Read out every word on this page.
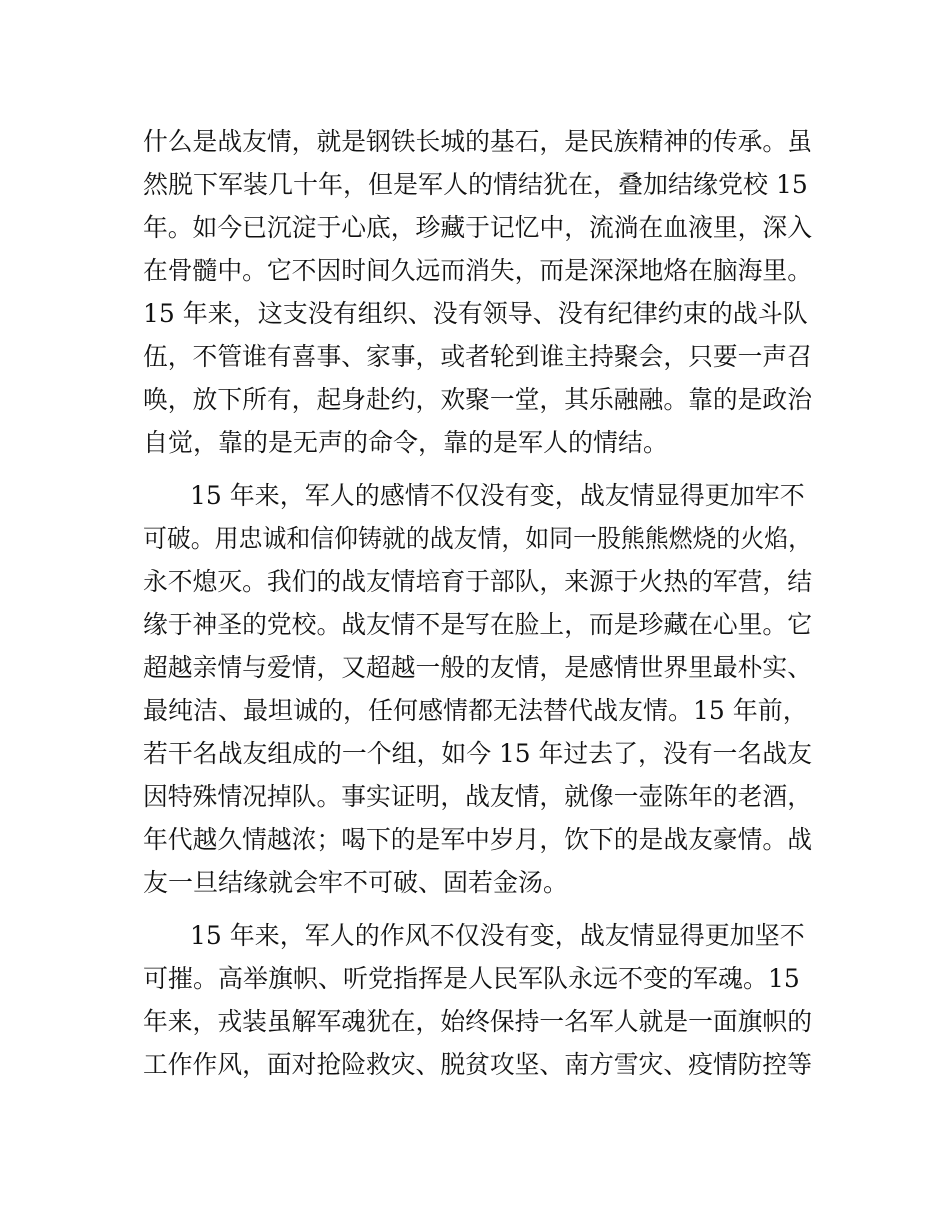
什么是战友情，就是钢铁长城的基石，是民族精神的传承。虽

然脱下军装几十年，但是军人的情结犹在，叠加结缘党校 15

年。如今已沉淀于心底，珍藏于记忆中，流淌在血液里，深入

在骨髓中。它不因时间久远而消失，而是深深地烙在脑海里。

15 年来，这支没有组织、没有领导、没有纪律约束的战斗队

伍，不管谁有喜事、家事，或者轮到谁主持聚会，只要一声召

唤，放下所有，起身赴约，欢聚一堂，其乐融融。靠的是政治

自觉，靠的是无声的命令，靠的是军人的情结。

15 年来，军人的感情不仅没有变，战友情显得更加牢不

可破。用忠诚和信仰铸就的战友情，如同一股熊熊燃烧的火焰，

永不熄灭。我们的战友情培育于部队，来源于火热的军营，结

缘于神圣的党校。战友情不是写在脸上，而是珍藏在心里。它

超越亲情与爱情，又超越一般的友情，是感情世界里最朴实、

最纯洁、最坦诚的，任何感情都无法替代战友情。15 年前，

若干名战友组成的一个组，如今 15 年过去了，没有一名战友

因特殊情况掉队。事实证明，战友情，就像一壶陈年的老酒，

年代越久情越浓；喝下的是军中岁月，饮下的是战友豪情。战

友一旦结缘就会牢不可破、固若金汤。

15 年来，军人的作风不仅没有变，战友情显得更加坚不

可摧。高举旗帜、听党指挥是人民军队永远不变的军魂。15

年来，戎装虽解军魂犹在，始终保持一名军人就是一面旗帜的

工作作风，面对抢险救灾、脱贫攻坚、南方雪灾、疫情防控等
